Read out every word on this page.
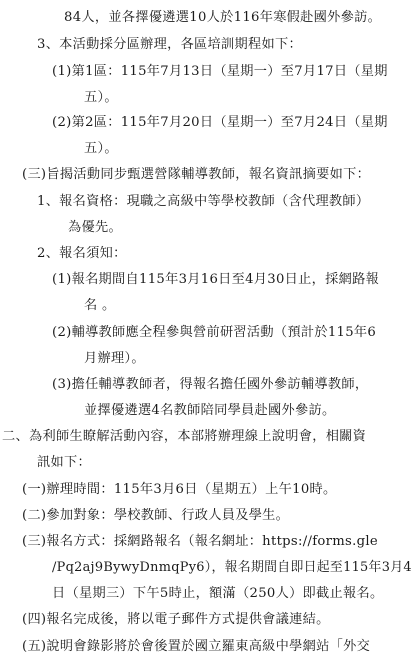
84人，並各擇優遴選10人於116年寒假赴國外參訪。
3、本活動採分區辦理，各區培訓期程如下：
(1)第1區：115年7月13日（星期一）至7月17日（星期
五）。
(2)第2區：115年7月20日（星期一）至7月24日（星期
五）。
(三)旨揭活動同步甄選營隊輔導教師，報名資訊摘要如下：
1、報名資格：現職之高級中等學校教師（含代理教師）
為優先。
2、報名須知：
(1)報名期間自115年3月16日至4月30日止，採網路報
名 。
(2)輔導教師應全程參與營前研習活動（預計於115年6
月辦理）。
(3)擔任輔導教師者，得報名擔任國外參訪輔導教師，
並擇優遴選4名教師陪同學員赴國外參訪。
二、為利師生瞭解活動內容，本部將辦理線上說明會，相關資
訊如下：
(一)辦理時間：115年3月6日（星期五）上午10時。
(二)參加對象：學校教師、行政人員及學生。
(三)報名方式：採網路報名（報名網址：https://forms.gle
/Pq2aj9BywyDnmqPy6），報名期間自即日起至115年3月4
日（星期三）下午5時止，額滿（250人）即截止報名。
(四)報名完成後，將以電子郵件方式提供會議連結。
(五)說明會錄影將於會後置於國立羅東高級中學網站「外交
